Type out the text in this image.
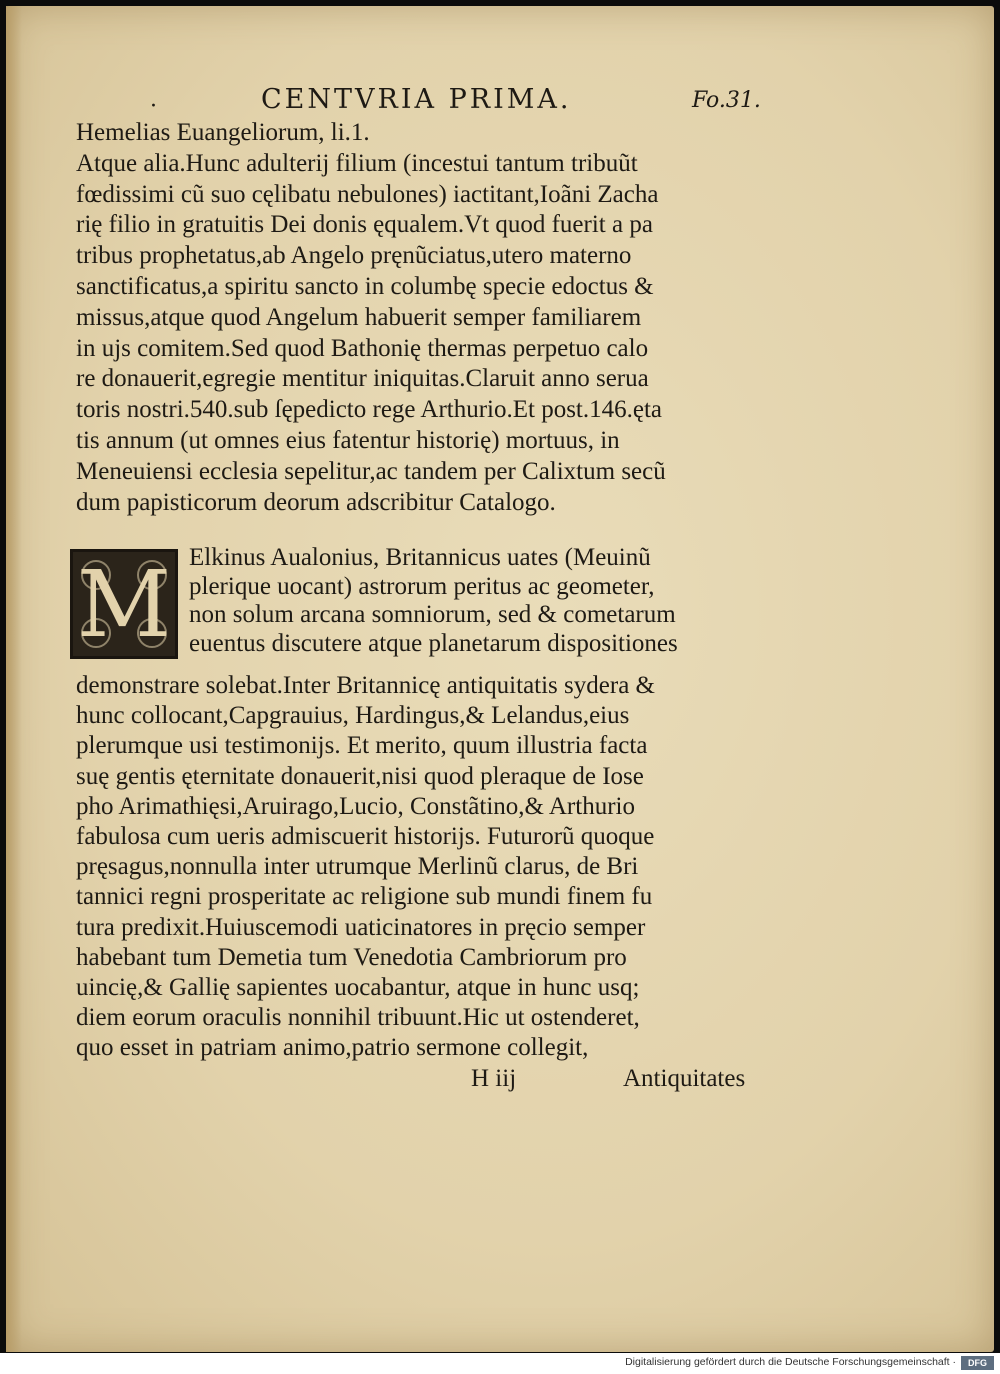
·	CENTVRIA PRIMA.	Fo.31.
Hemelias Euangeliorum, li.1.
Atque alia.Hunc adulterij filium (incestui tantum tribuũt
fœdissimi cũ suo cęlibatu nebulones) iactitant,Ioãni Zacha
rię filio in gratuitis Dei donis ęqualem.Vt quod fuerit a pa
tribus prophetatus,ab Angelo pręnũciatus,utero materno
sanctificatus,a spiritu sancto in columbę specie edoctus &
missus,atque quod Angelum habuerit semper familiarem
in ujs comitem.Sed quod Bathonię thermas perpetuo calo
re donauerit,egregie mentitur iniquitas.Claruit anno serua
toris nostri.540.sub ſępedicto rege Arthurio.Et post.146.ęta
tis annum (ut omnes eius fatentur historię) mortuus, in
Meneuiensi ecclesia sepelitur,ac tandem per Calixtum secũ
dum papisticorum deorum adscribitur Catalogo.
M Elkinus Aualonius, Britannicus uates (Meuinũ
plerique uocant) astrorum peritus ac geometer,
non solum arcana somniorum, sed & cometarum
euentus discutere atque planetarum dispositiones
demonstrare solebat.Inter Britannicę antiquitatis sydera &
hunc collocant,Capgrauius, Hardingus,& Lelandus,eius
plerumque usi testimonijs. Et merito, quum illustria facta
suę gentis ęternitate donauerit,nisi quod pleraque de Iose
pho Arimathięsi,Aruirago,Lucio, Constãtino,& Arthurio
fabulosa cum ueris admiscuerit historijs. Futurorũ quoque
pręsagus,nonnulla inter utrumque Merlinũ clarus, de Bri
tannici regni prosperitate ac religione sub mundi finem fu
tura predixit.Huiuscemodi uaticinatores in pręcio semper
habebant tum Demetia tum Venedotia Cambriorum pro
uincię,& Gallię sapientes uocabantur, atque in hunc usq;
diem eorum oraculis nonnihil tribuunt.Hic ut ostenderet,
quo esset in patriam animo,patrio sermone collegit,
H iij	Antiquitates
Digitalisierung gefördert durch die Deutsche Forschungsgemeinschaft ·	DFG
